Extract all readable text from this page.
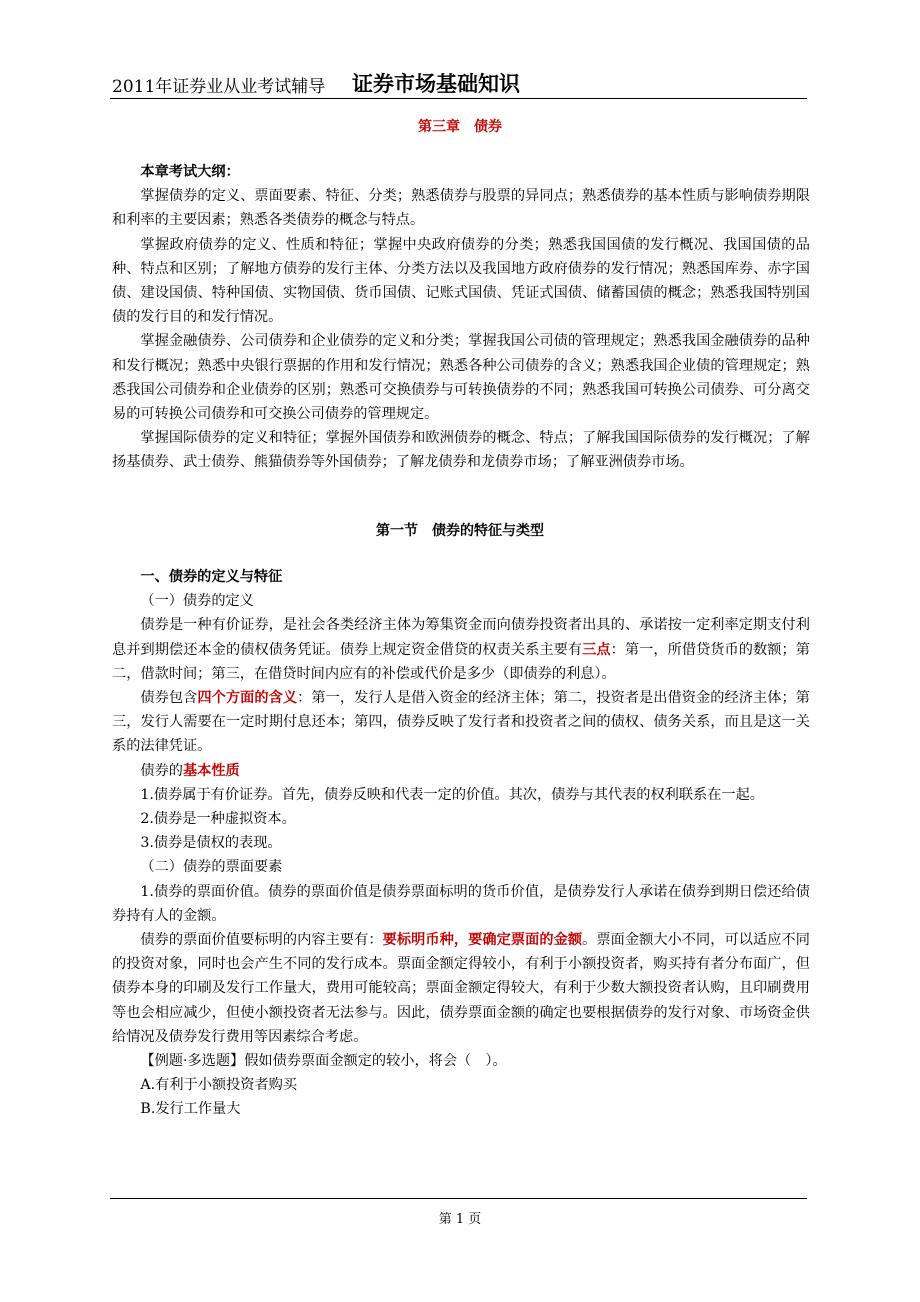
2011年证券业从业考试辅导 证券市场基础知识
第三章　债券

本章考试大纲：

掌握债券的定义、票面要素、特征、分类；熟悉债券与股票的异同点；熟悉债券的基本性质与影响债券期限和利率的主要因素；熟悉各类债券的概念与特点。

掌握政府债券的定义、性质和特征；掌握中央政府债券的分类；熟悉我国国债的发行概况、我国国债的品种、特点和区别；了解地方债券的发行主体、分类方法以及我国地方政府债券的发行情况；熟悉国库券、赤字国债、建设国债、特种国债、实物国债、货币国债、记账式国债、凭证式国债、储蓄国债的概念；熟悉我国特别国债的发行目的和发行情况。

掌握金融债券、公司债券和企业债券的定义和分类；掌握我国公司债的管理规定；熟悉我国金融债券的品种和发行概况；熟悉中央银行票据的作用和发行情况；熟悉各种公司债券的含义；熟悉我国企业债的管理规定；熟悉我国公司债券和企业债券的区别；熟悉可交换债券与可转换债券的不同；熟悉我国可转换公司债券、可分离交易的可转换公司债券和可交换公司债券的管理规定。

掌握国际债券的定义和特征；掌握外国债券和欧洲债券的概念、特点；了解我国国际债券的发行概况；了解扬基债券、武士债券、熊猫债券等外国债券；了解龙债券和龙债券市场；了解亚洲债券市场。

第一节　债券的特征与类型

一、债券的定义与特征

（一）债券的定义

债券是一种有价证券，是社会各类经济主体为筹集资金而向债券投资者出具的、承诺按一定利率定期支付利息并到期偿还本金的债权债务凭证。债券上规定资金借贷的权责关系主要有三点：第一，所借贷货币的数额；第二，借款时间；第三，在借贷时间内应有的补偿或代价是多少（即债券的利息）。

债券包含四个方面的含义：第一，发行人是借入资金的经济主体；第二，投资者是出借资金的经济主体；第三，发行人需要在一定时期付息还本；第四，债券反映了发行者和投资者之间的债权、债务关系，而且是这一关系的法律凭证。

债券的基本性质

1.债券属于有价证券。首先，债券反映和代表一定的价值。其次，债券与其代表的权利联系在一起。

2.债券是一种虚拟资本。

3.债券是债权的表现。

（二）债券的票面要素

1.债券的票面价值。债券的票面价值是债券票面标明的货币价值，是债券发行人承诺在债券到期日偿还给债券持有人的金额。

债券的票面价值要标明的内容主要有：要标明币种，要确定票面的金额。票面金额大小不同，可以适应不同的投资对象，同时也会产生不同的发行成本。票面金额定得较小，有利于小额投资者，购买持有者分布面广，但债券本身的印刷及发行工作量大，费用可能较高；票面金额定得较大，有利于少数大额投资者认购，且印刷费用等也会相应减少，但使小额投资者无法参与。因此，债券票面金额的确定也要根据债券的发行对象、市场资金供给情况及债券发行费用等因素综合考虑。

【例题·多选题】假如债券票面金额定的较小，将会（　）。

A.有利于小额投资者购买

B.发行工作量大

第 1 页
